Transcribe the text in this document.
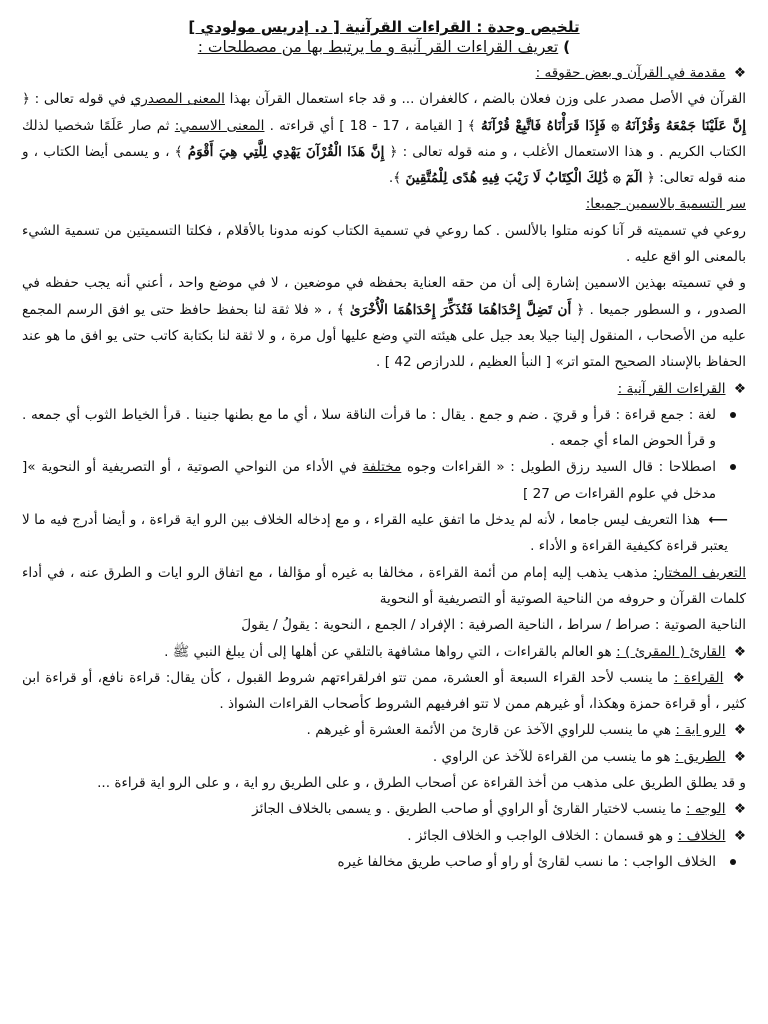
تلخيص وحدة : القراءات القرآنية [ د. إدريس مولودي ]
) تعريف القراءات القر آنية و ما يرتبط بها من مصطلحات :
❖ مقدمة في القرآن و بعض حقوقه :

القرآن في الأصل مصدر على وزن فعلان بالضم ، كالغفران ... و قد جاء استعمال القرآن بهذا المعنى المصدري في قوله تعالى : ﴿ إِنَّ عَلَيْنَا جَمْعَهُ وَقُرْآنَهُ ۞ فَإِذَا قَرَأْنَاهُ فَاتَّبِعْ قُرْآنَهُ ﴾ [ القيامة ، 17 - 18 ] أي قراءته . المعنى الاسمي: ثم صار عَلَمًا شخصيا لذلك الكتاب الكريم . و هذا الاستعمال الأغلب ، و منه قوله تعالى : ﴿ إِنَّ هَذَا الْقُرْآنَ يَهْدِي لِلَّتِي هِيَ أَقْوَمُ ﴾ ، و يسمى أيضا الكتاب ، و منه قوله تعالى: ﴿ الٓمٓ ۞ ذَٰلِكَ الْكِتَابُ لَا رَيْبَ فِيهِ هُدًى لِلْمُتَّقِينَ ﴾.

سر التسمية بالاسمين جميعا:

روعي في تسميته قر آنا كونه متلوا بالألسن . كما روعي في تسمية الكتاب كونه مدونا بالأقلام ، فكلتا التسميتين من تسمية الشيء بالمعنى الو اقع عليه .

و في تسميته بهذين الاسمين إشارة إلى أن من حقه العناية بحفظه في موضعين ، لا في موضع واحد ، أعني أنه يجب حفظه في الصدور ، و السطور جميعا . ﴿ أَن تَضِلَّ إِحْدَاهُمَا فَتُذَكِّرَ إِحْدَاهُمَا الْأُخْرَىٰ ﴾ ، « فلا ثقة لنا بحفظ حافظ حتى يو افق الرسم المجمع عليه من الأصحاب ، المنقول إلينا جيلا بعد جيل على هيئته التي وضع عليها أول مرة ، و لا ثقة لنا بكتابة كاتب حتى يو افق ما هو عند الحفاظ بالإسناد الصحيح المتو اتر» [ النبأ العظيم ، للدرازص 42 ] .

❖ القراءات القر آنية :
لغة : جمع قراءة : قرأ و قريَ . ضم و جمع . يقال : ما قرأت الناقة سلا ، أي ما مع بطنها جنينا . قرأ الخياط الثوب أي جمعه . و قرأ الحوض الماء أي جمعه .
اصطلاحا : قال السيد رزق الطويل : « القراءات وجوه مختلفة في الأداء من النواحي الصوتية ، أو التصريفية أو النحوية »[ مدخل في علوم القراءات ص 27 ]

⟵ هذا التعريف ليس جامعا ، لأنه لم يدخل ما اتفق عليه القراء ، و مع إدخاله الخلاف بين الرو اية قراءة ، و أيضا أدرج فيه ما لا يعتبر قراءة ككيفية القراءة و الأداء .

التعريف المختار: مذهب يذهب إليه إمام من أئمة القراءة ، مخالفا به غيره أو مؤالفا ، مع اتفاق الرو ايات و الطرق عنه ، في أداء كلمات القرآن و حروفه من الناحية الصوتية أو التصريفية أو النحوية

الناحية الصوتية : صراط / سراط ، الناحية الصرفية : الإفراد / الجمع ، النحوية : يقولُ / يقولَ

❖ القارئ ( المقرئ ) : هو العالم بالقراءات ، التي رواها مشافهة بالتلقي عن أهلها إلى أن يبلغ النبي ﷺ .

❖ القراءة : ما ينسب لأحد القراء السبعة أو العشرة، ممن تتو افرلقراءتهم شروط القبول ، كأن يقال: قراءة نافع، أو قراءة ابن كثير ، أو قراءة حمزة وهكذا، أو غيرهم ممن لا تتو افرفيهم الشروط كأصحاب القراءات الشواذ .

❖ الرو اية : هي ما ينسب للراوي الآخذ عن قارئ من الأئمة العشرة أو غيرهم .

❖ الطريق : هو ما ينسب من القراءة للآخذ عن الراوي .

و قد يطلق الطريق على مذهب من أخذ القراءة عن أصحاب الطرق ، و على الطريق رو اية ، و على الرو اية قراءة ...

❖ الوجه : ما ينسب لاختيار القارئ أو الراوي أو صاحب الطريق . و يسمى بالخلاف الجائز

❖ الخلاف : و هو قسمان : الخلاف الواجب و الخلاف الجائز .

الخلاف الواجب : ما نسب لقارئ أو راو أو صاحب طريق مخالفا غيره
